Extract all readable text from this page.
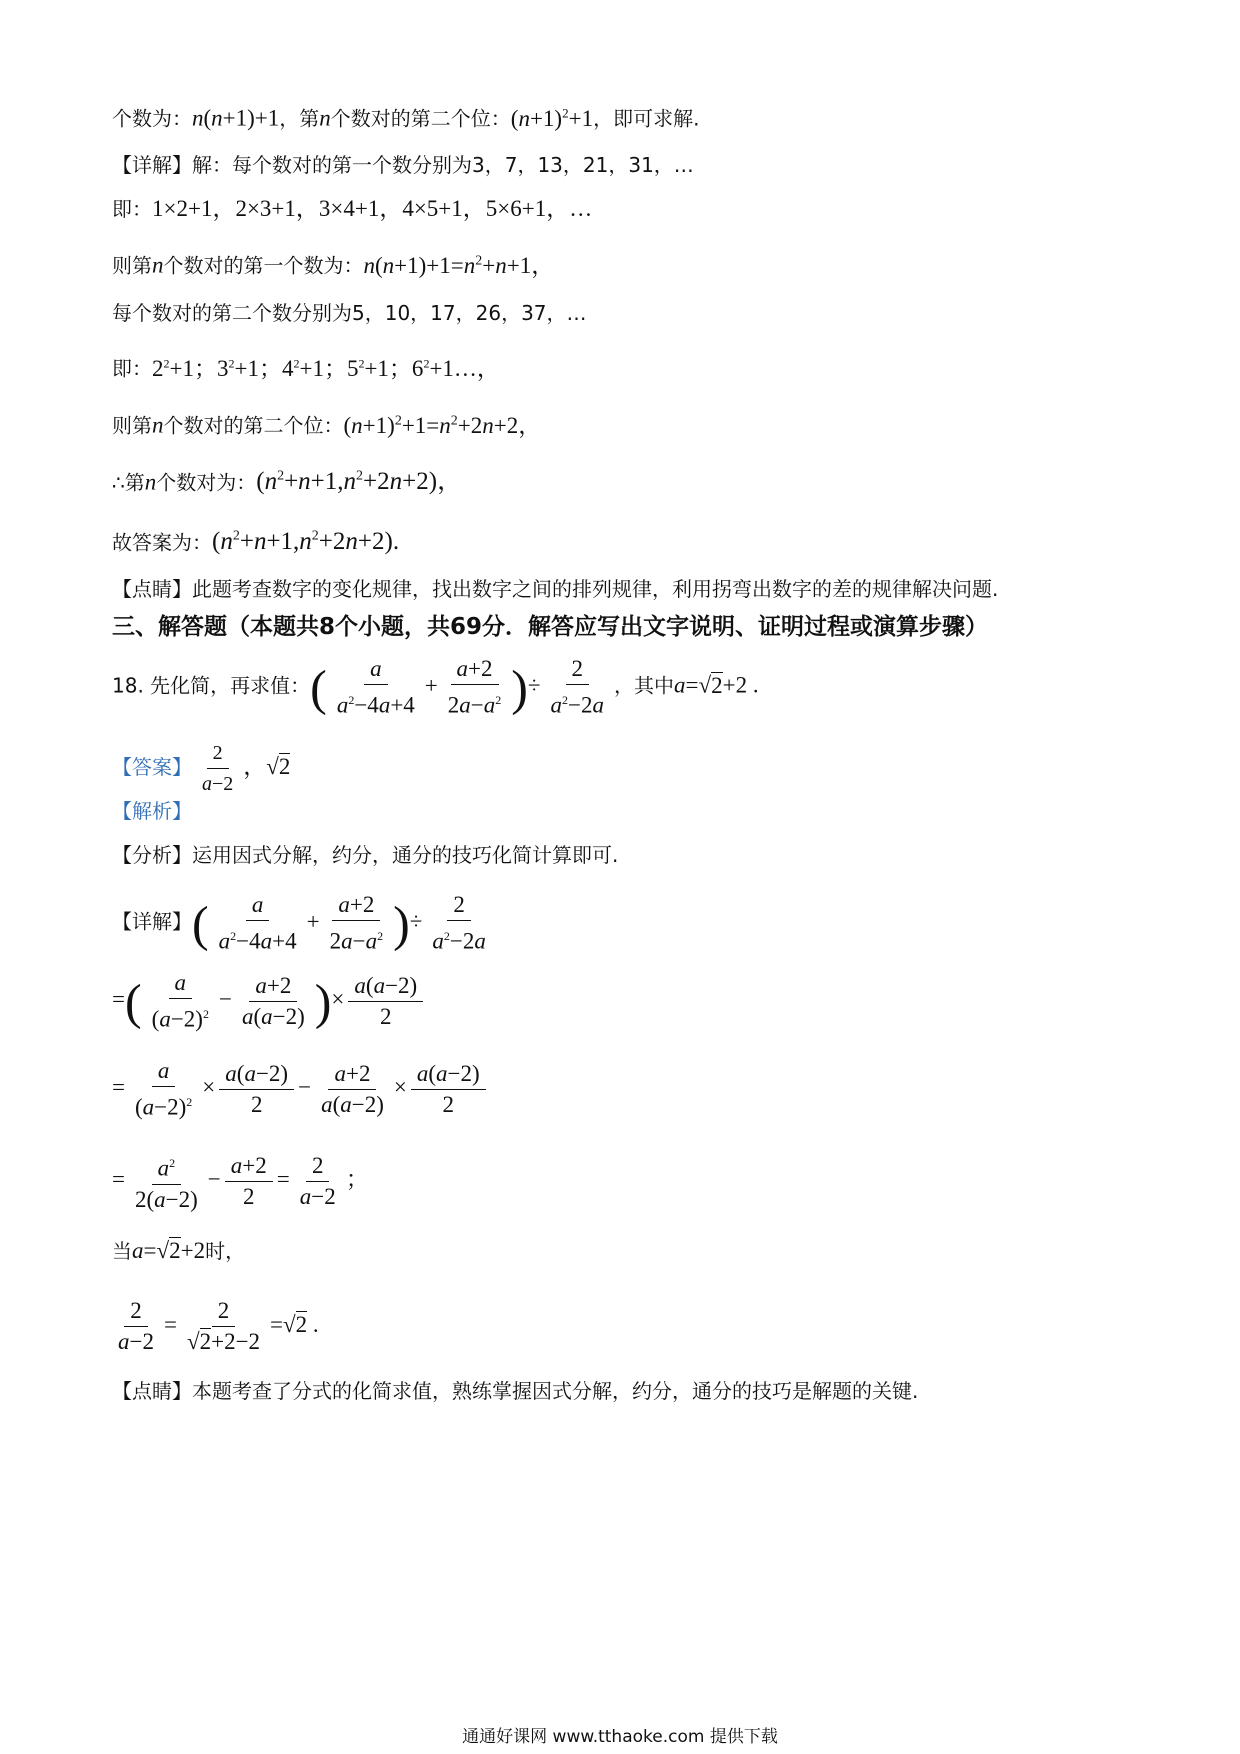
个数为：n(n+1)+1，第n个数对的第二个位：$(n+1)^2+1$，即可求解.
【详解】解：每个数对的第一个数分别为3，7，13，21，31，…
即：1×2+1，2×3+1，3×4+1，4×5+1，5×6+1，…
则第n个数对的第一个数为：$n(n+1)+1=n^2+n+1$，
每个数对的第二个数分别为5，10，17，26，37，…
即：$2^2+1$；$3^2+1$；$4^2+1$；$5^2+1$；$6^2+1\dots$，
则第n个数对的第二个位：$(n+1)^2+1=n^2+2n+2$，
∴第n个数对为：$(n^2+n+1,n^2+2n+2)$，
故答案为：$(n^2+n+1,n^2+2n+2)$.
【点睛】此题考查数字的变化规律，找出数字之间的排列规律，利用拐弯出数字的差的规律解决问题.
三、解答题（本题共8个小题，共69分．解答应写出文字说明、证明过程或演算步骤）
18. 先化简，再求值：( $\frac{a}{a^2-4a+4} + \frac{a+2}{2a-a^2}$ )÷ $\frac{2}{a^2-2a}$ ，其中a=√2+2 .
【答案】 $\frac{2}{a-2}$ ，√2
【解析】
【分析】运用因式分解，约分，通分的技巧化简计算即可.
【详解】( $\frac{a}{a^2-4a+4} + \frac{a+2}{2a-a^2}$ )÷ $\frac{2}{a^2-2a}$
=( $\frac{a}{(a-2)^2} - \frac{a+2}{a(a-2)}$ )× $\frac{a(a-2)}{2}$
= $\frac{a}{(a-2)^2} \times \frac{a(a-2)}{2} - \frac{a+2}{a(a-2)} \times \frac{a(a-2)}{2}$
= $\frac{a^2}{2(a-2)} - \frac{a+2}{2} = \frac{2}{a-2}$ ；
当a=√2+2时，
$\frac{2}{a-2} = \frac{2}{√2+2-2} =√2$ .
【点睛】本题考查了分式的化简求值，熟练掌握因式分解，约分，通分的技巧是解题的关键.
通通好课网 www.tthaoke.com 提供下载
